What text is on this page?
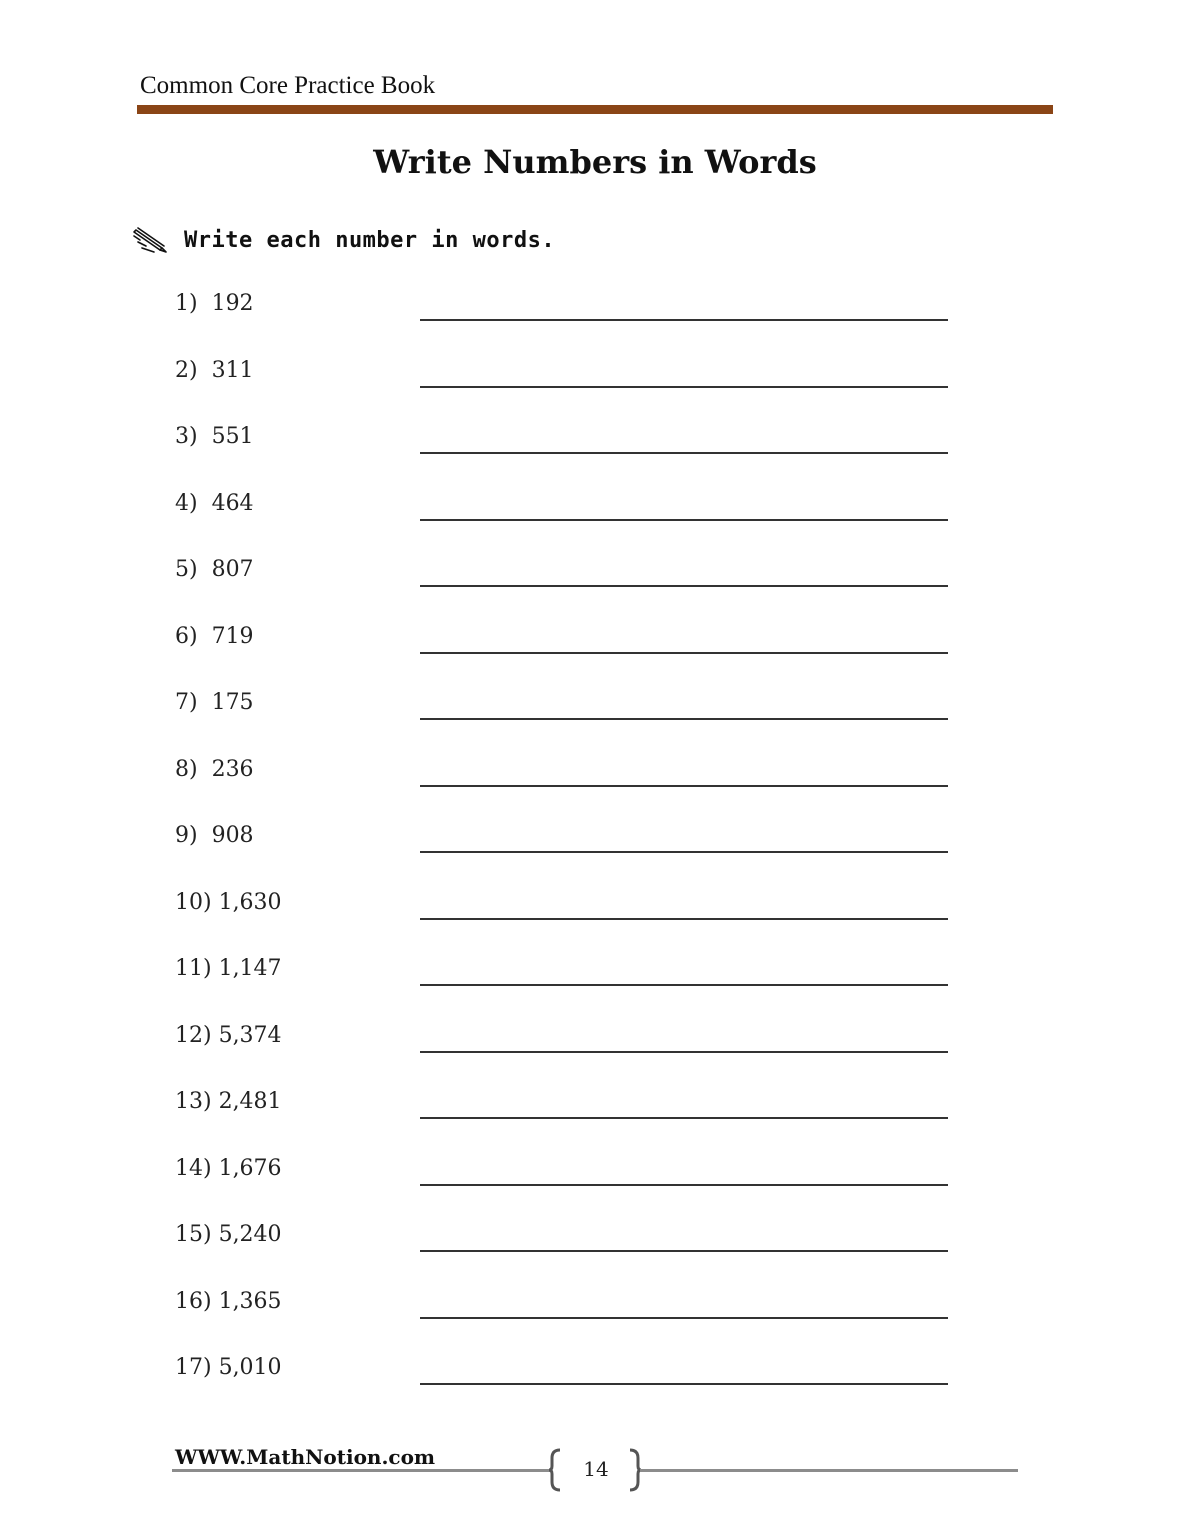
Common Core Practice Book
Write Numbers in Words
Write each number in words.
1)  192
2)  311
3)  551
4)  464
5)  807
6)  719
7)  175
8)  236
9)  908
10) 1,630
11) 1,147
12) 5,374
13) 2,481
14) 1,676
15) 5,240
16) 1,365
17) 5,010
WWW.MathNotion.com	14
